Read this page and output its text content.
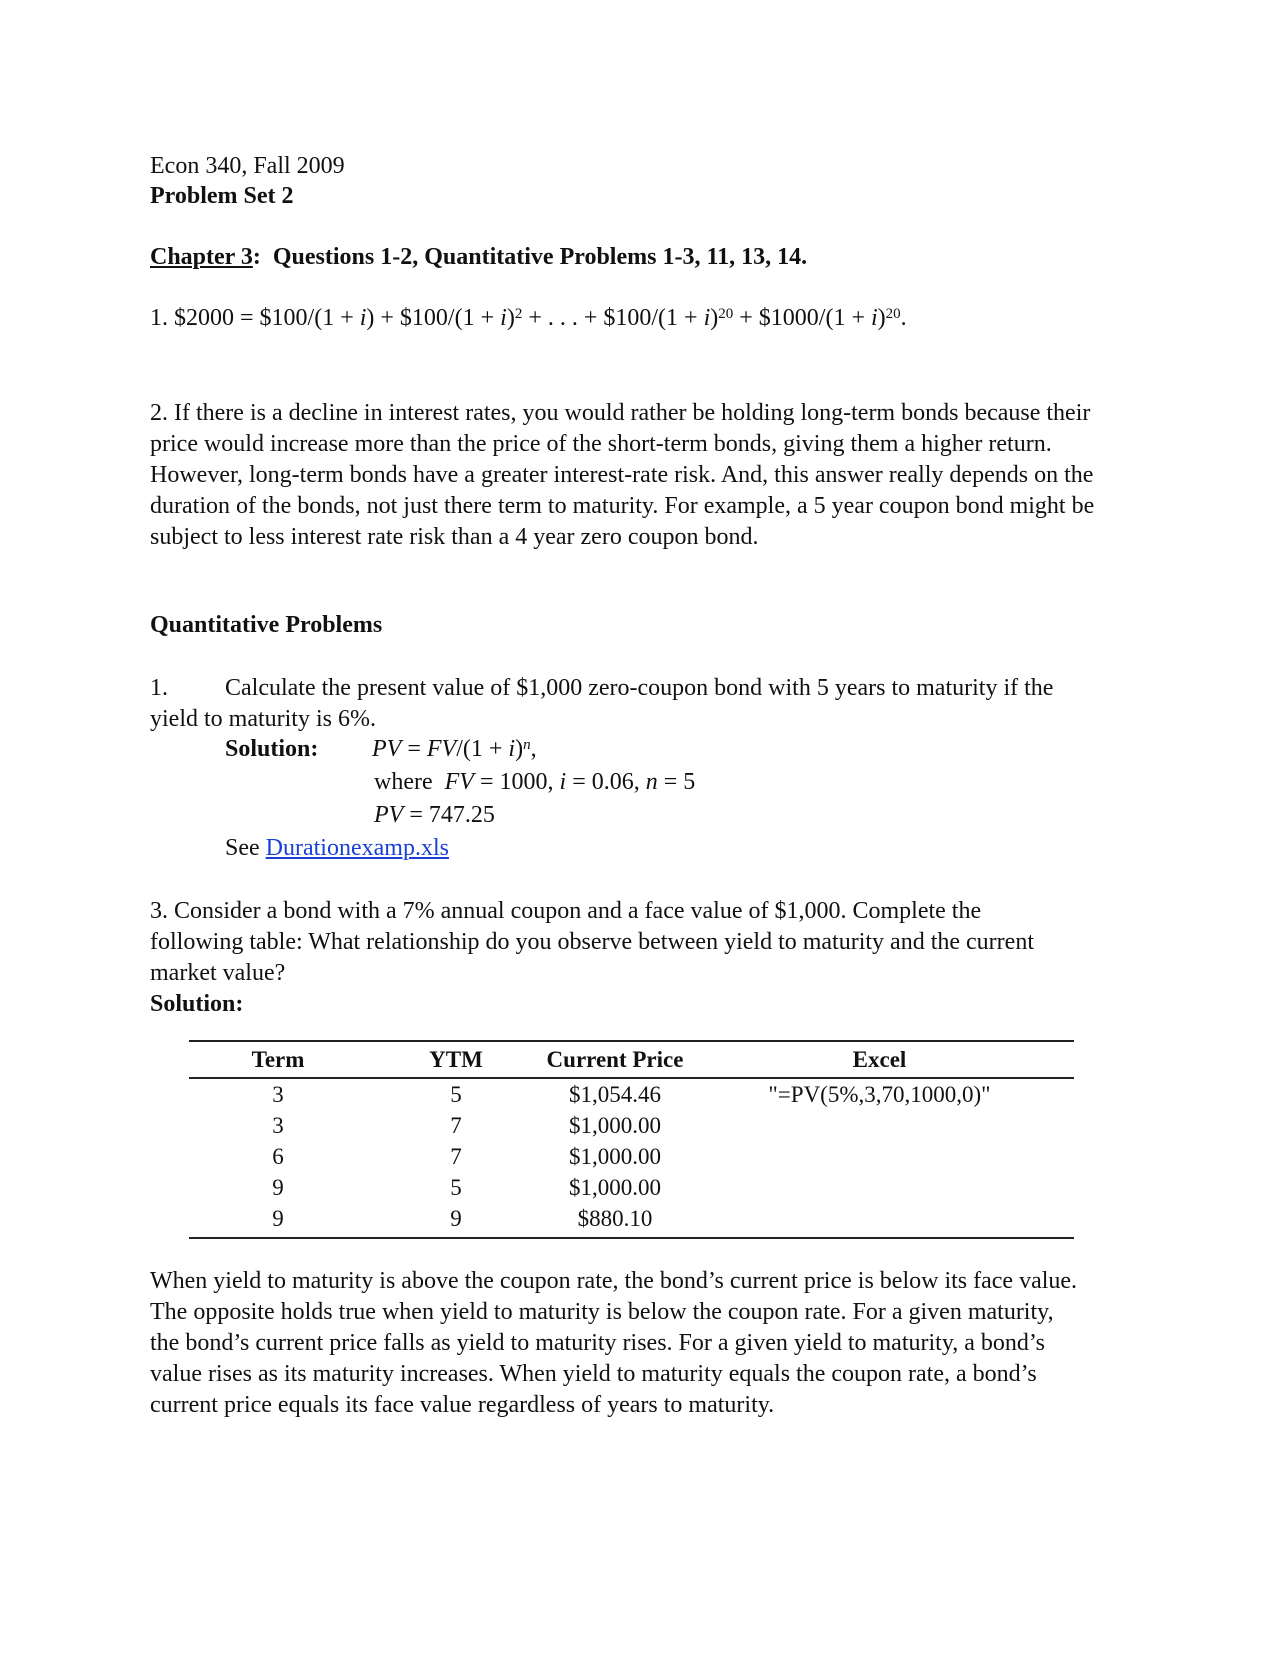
Econ 340, Fall 2009
Problem Set 2
Chapter 3: Questions 1-2, Quantitative Problems 1-3, 11, 13, 14.
1. $2000 = $100/(1 + i) + $100/(1 + i)$^2$ + . . . + $100/(1 + i)$^{20}$ + $1000/(1 + i)$^{20}$.
2. If there is a decline in interest rates, you would rather be holding long-term bonds because their price would increase more than the price of the short-term bonds, giving them a higher return. However, long-term bonds have a greater interest-rate risk. And, this answer really depends on the duration of the bonds, not just there term to maturity. For example, a 5 year coupon bond might be subject to less interest rate risk than a 4 year zero coupon bond.
Quantitative Problems
1. Calculate the present value of $1,000 zero-coupon bond with 5 years to maturity if the
yield to maturity is 6%.
Solution: PV = $FV/(1 + i)^n$,
where FV = 1000, i = 0.06, n = 5
PV = 747.25
See Durationexamp.xls
3. Consider a bond with a 7% annual coupon and a face value of $1,000. Complete the
following table: What relationship do you observe between yield to maturity and the current
market value?
Solution:
Term	YTM	Current Price	Excel
3	5	$1,054.46	"=PV(5%,3,70,1000,0)"
3	7	$1,000.00	
6	7	$1,000.00	
9	5	$1,000.00	
9	9	$880.10	
When yield to maturity is above the coupon rate, the bond’s current price is below its face value.
The opposite holds true when yield to maturity is below the coupon rate. For a given maturity,
the bond’s current price falls as yield to maturity rises. For a given yield to maturity, a bond’s
value rises as its maturity increases. When yield to maturity equals the coupon rate, a bond’s
current price equals its face value regardless of years to maturity.
